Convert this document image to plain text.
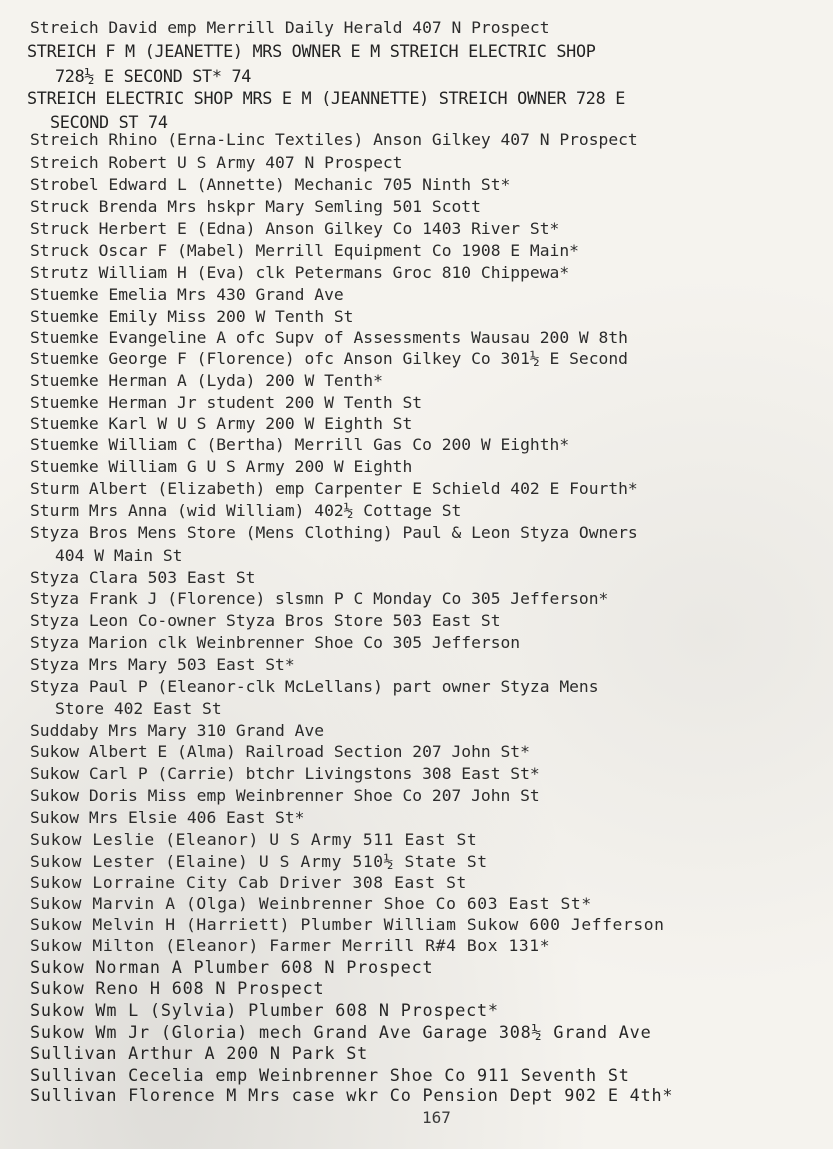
Streich David emp Merrill Daily Herald 407 N Prospect
STREICH F M (JEANETTE) MRS OWNER E M STREICH ELECTRIC SHOP
728½ E SECOND ST* 74
STREICH ELECTRIC SHOP MRS E M (JEANNETTE) STREICH OWNER 728 E
SECOND ST 74
Streich Rhino (Erna-Linc Textiles) Anson Gilkey 407 N Prospect
Streich Robert U S Army 407 N Prospect
Strobel Edward L (Annette) Mechanic 705 Ninth St*
Struck Brenda Mrs hskpr Mary Semling 501 Scott
Struck Herbert E (Edna) Anson Gilkey Co 1403 River St*
Struck Oscar F (Mabel) Merrill Equipment Co 1908 E Main*
Strutz William H (Eva) clk Petermans Groc 810 Chippewa*
Stuemke Emelia Mrs 430 Grand Ave
Stuemke Emily Miss 200 W Tenth St
Stuemke Evangeline A ofc Supv of Assessments Wausau 200 W 8th
Stuemke George F (Florence) ofc Anson Gilkey Co 301½ E Second
Stuemke Herman A (Lyda) 200 W Tenth*
Stuemke Herman Jr student 200 W Tenth St
Stuemke Karl W U S Army 200 W Eighth St
Stuemke William C (Bertha) Merrill Gas Co 200 W Eighth*
Stuemke William G U S Army 200 W Eighth
Sturm Albert (Elizabeth) emp Carpenter E Schield 402 E Fourth*
Sturm Mrs Anna (wid William) 402½ Cottage St
Styza Bros Mens Store (Mens Clothing) Paul & Leon Styza Owners
404 W Main St
Styza Clara 503 East St
Styza Frank J (Florence) slsmn P C Monday Co 305 Jefferson*
Styza Leon Co-owner Styza Bros Store 503 East St
Styza Marion clk Weinbrenner Shoe Co 305 Jefferson
Styza Mrs Mary 503 East St*
Styza Paul P (Eleanor-clk McLellans) part owner Styza Mens
Store 402 East St
Suddaby Mrs Mary 310 Grand Ave
Sukow Albert E (Alma) Railroad Section 207 John St*
Sukow Carl P (Carrie) btchr Livingstons 308 East St*
Sukow Doris Miss emp Weinbrenner Shoe Co 207 John St
Sukow Mrs Elsie 406 East St*
Sukow Leslie (Eleanor) U S Army 511 East St
Sukow Lester (Elaine) U S Army 510½ State St
Sukow Lorraine City Cab Driver 308 East St
Sukow Marvin A (Olga) Weinbrenner Shoe Co 603 East St*
Sukow Melvin H (Harriett) Plumber William Sukow 600 Jefferson
Sukow Milton (Eleanor) Farmer Merrill R#4 Box 131*
Sukow Norman A Plumber 608 N Prospect
Sukow Reno H 608 N Prospect
Sukow Wm L (Sylvia) Plumber 608 N Prospect*
Sukow Wm Jr (Gloria) mech Grand Ave Garage 308½ Grand Ave
Sullivan Arthur A 200 N Park St
Sullivan Cecelia emp Weinbrenner Shoe Co 911 Seventh St
Sullivan Florence M Mrs case wkr Co Pension Dept 902 E 4th*
167
